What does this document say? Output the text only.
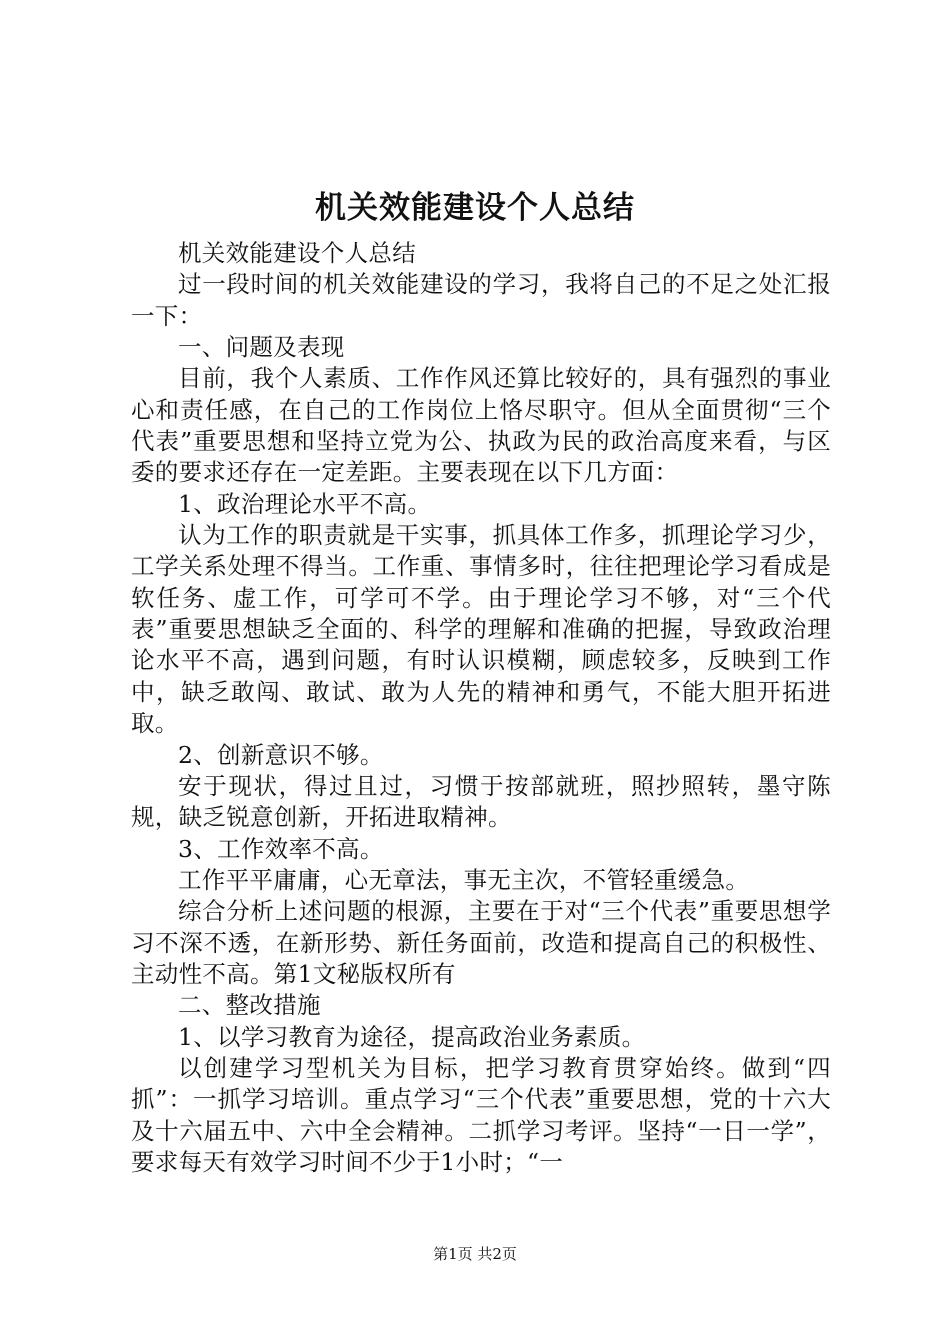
机关效能建设个人总结

机关效能建设个人总结

过一段时间的机关效能建设的学习，我将自己的不足之处汇报一下：

一、问题及表现

目前，我个人素质、工作作风还算比较好的，具有强烈的事业心和责任感，在自己的工作岗位上恪尽职守。但从全面贯彻“三个代表”重要思想和坚持立党为公、执政为民的政治高度来看，与区委的要求还存在一定差距。主要表现在以下几方面：

1、政治理论水平不高。

认为工作的职责就是干实事，抓具体工作多，抓理论学习少，工学关系处理不得当。工作重、事情多时，往往把理论学习看成是软任务、虚工作，可学可不学。由于理论学习不够，对“三个代表”重要思想缺乏全面的、科学的理解和准确的把握，导致政治理论水平不高，遇到问题，有时认识模糊，顾虑较多，反映到工作中，缺乏敢闯、敢试、敢为人先的精神和勇气，不能大胆开拓进取。

2、创新意识不够。

安于现状，得过且过，习惯于按部就班，照抄照转，墨守陈规，缺乏锐意创新，开拓进取精神。

3、工作效率不高。

工作平平庸庸，心无章法，事无主次，不管轻重缓急。

综合分析上述问题的根源，主要在于对“三个代表”重要思想学习不深不透，在新形势、新任务面前，改造和提高自己的积极性、主动性不高。第1文秘版权所有

二、整改措施

1、以学习教育为途径，提高政治业务素质。

以创建学习型机关为目标，把学习教育贯穿始终。做到“四抓”：一抓学习培训。重点学习“三个代表”重要思想，党的十六大及十六届五中、六中全会精神。二抓学习考评。坚持“一日一学”，要求每天有效学习时间不少于1小时；“一

第1页 共2页
